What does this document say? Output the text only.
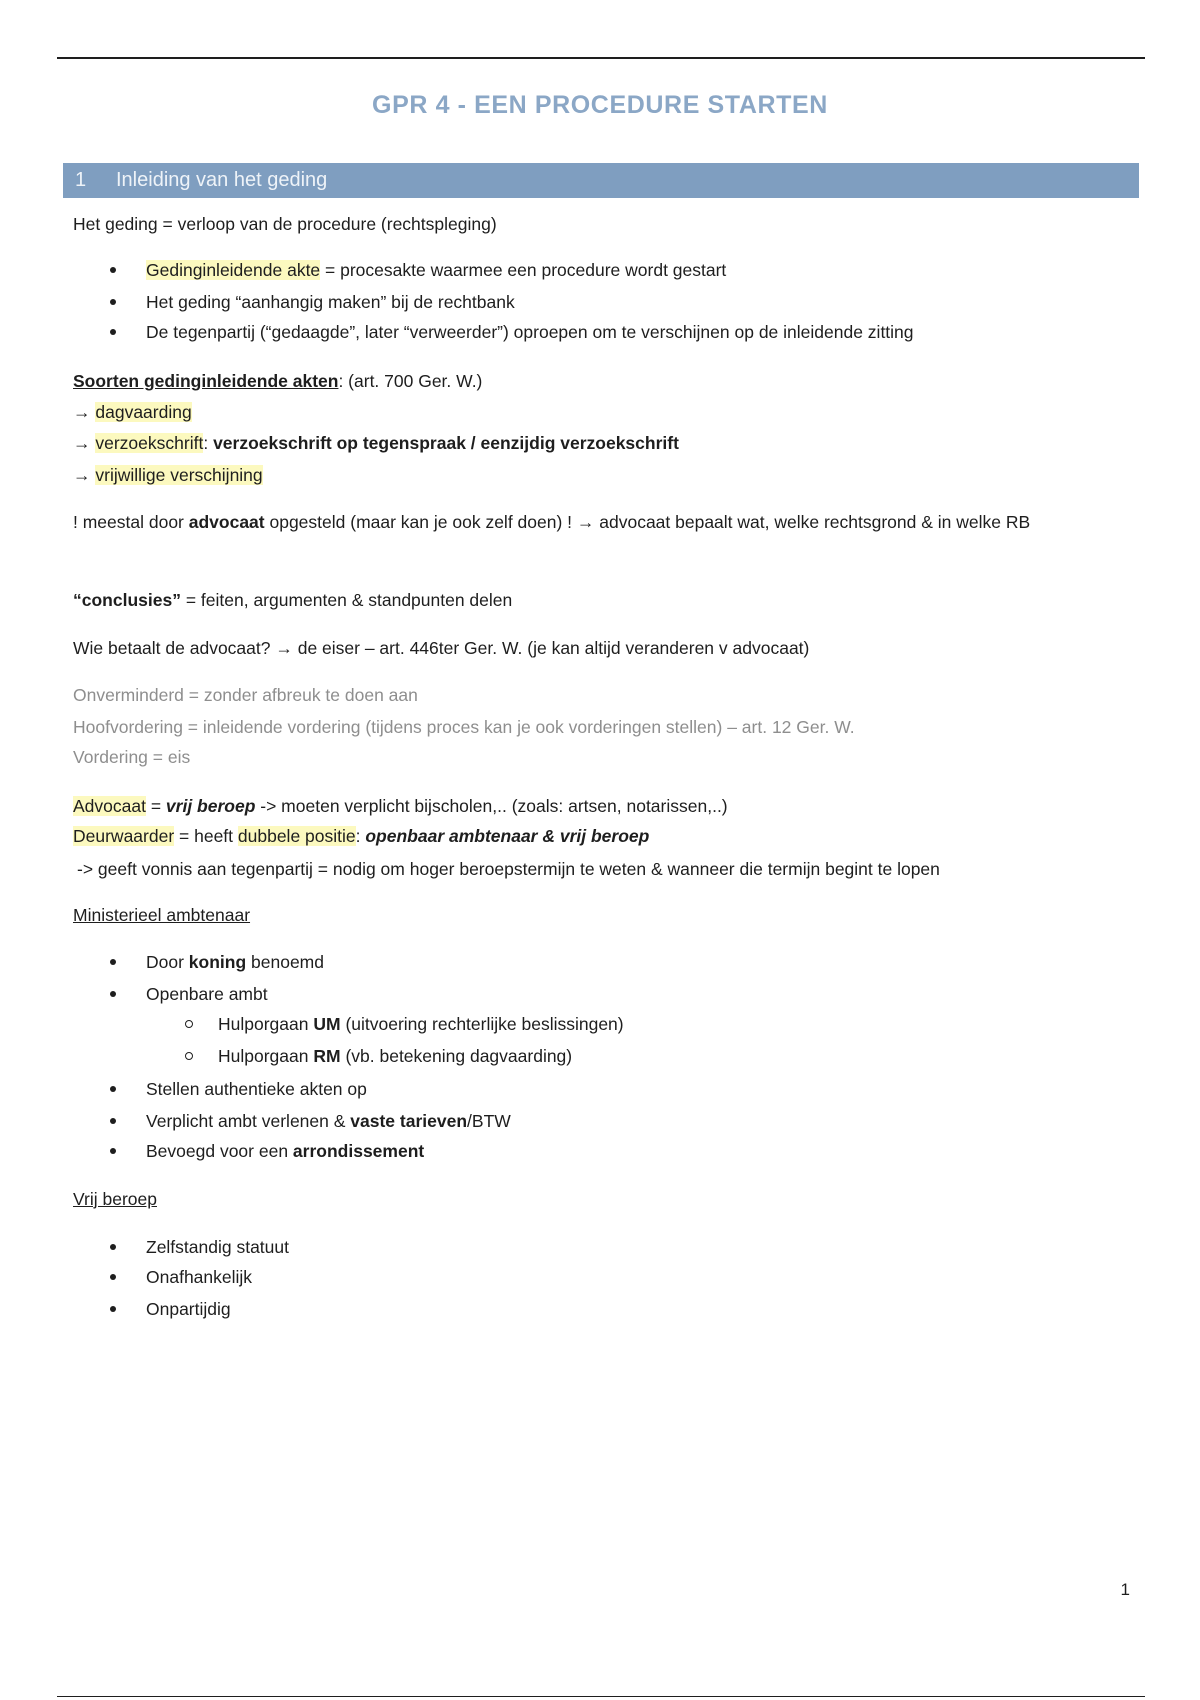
GPR 4 - EEN PROCEDURE STARTEN
1 Inleiding van het geding
Het geding = verloop van de procedure (rechtspleging)
Gedinginleidende akte = procesakte waarmee een procedure wordt gestart
Het geding “aanhangig maken” bij de rechtbank
De tegenpartij (“gedaagde”, later “verweerder”) oproepen om te verschijnen op de inleidende zitting
Soorten gedinginleidende akten: (art. 700 Ger. W.)
→ dagvaarding
→ verzoekschrift: verzoekschrift op tegenspraak / eenzijdig verzoekschrift
→ vrijwillige verschijning
! meestal door advocaat opgesteld (maar kan je ook zelf doen) ! → advocaat bepaalt wat, welke rechtsgrond & in welke RB
“conclusies” = feiten, argumenten & standpunten delen
Wie betaalt de advocaat? → de eiser – art. 446ter Ger. W. (je kan altijd veranderen v advocaat)
Onverminderd = zonder afbreuk te doen aan
Hoofvordering = inleidende vordering (tijdens proces kan je ook vorderingen stellen) – art. 12 Ger. W.
Vordering = eis
Advocaat = vrij beroep -> moeten verplicht bijscholen,.. (zoals: artsen, notarissen,..)
Deurwaarder = heeft dubbele positie: openbaar ambtenaar & vrij beroep
-> geeft vonnis aan tegenpartij = nodig om hoger beroepstermijn te weten & wanneer die termijn begint te lopen
Ministerieel ambtenaar
Door koning benoemd
Openbare ambt
Hulporgaan UM (uitvoering rechterlijke beslissingen)
Hulporgaan RM (vb. betekening dagvaarding)
Stellen authentieke akten op
Verplicht ambt verlenen & vaste tarieven/BTW
Bevoegd voor een arrondissement
Vrij beroep
Zelfstandig statuut
Onafhankelijk
Onpartijdig
1
